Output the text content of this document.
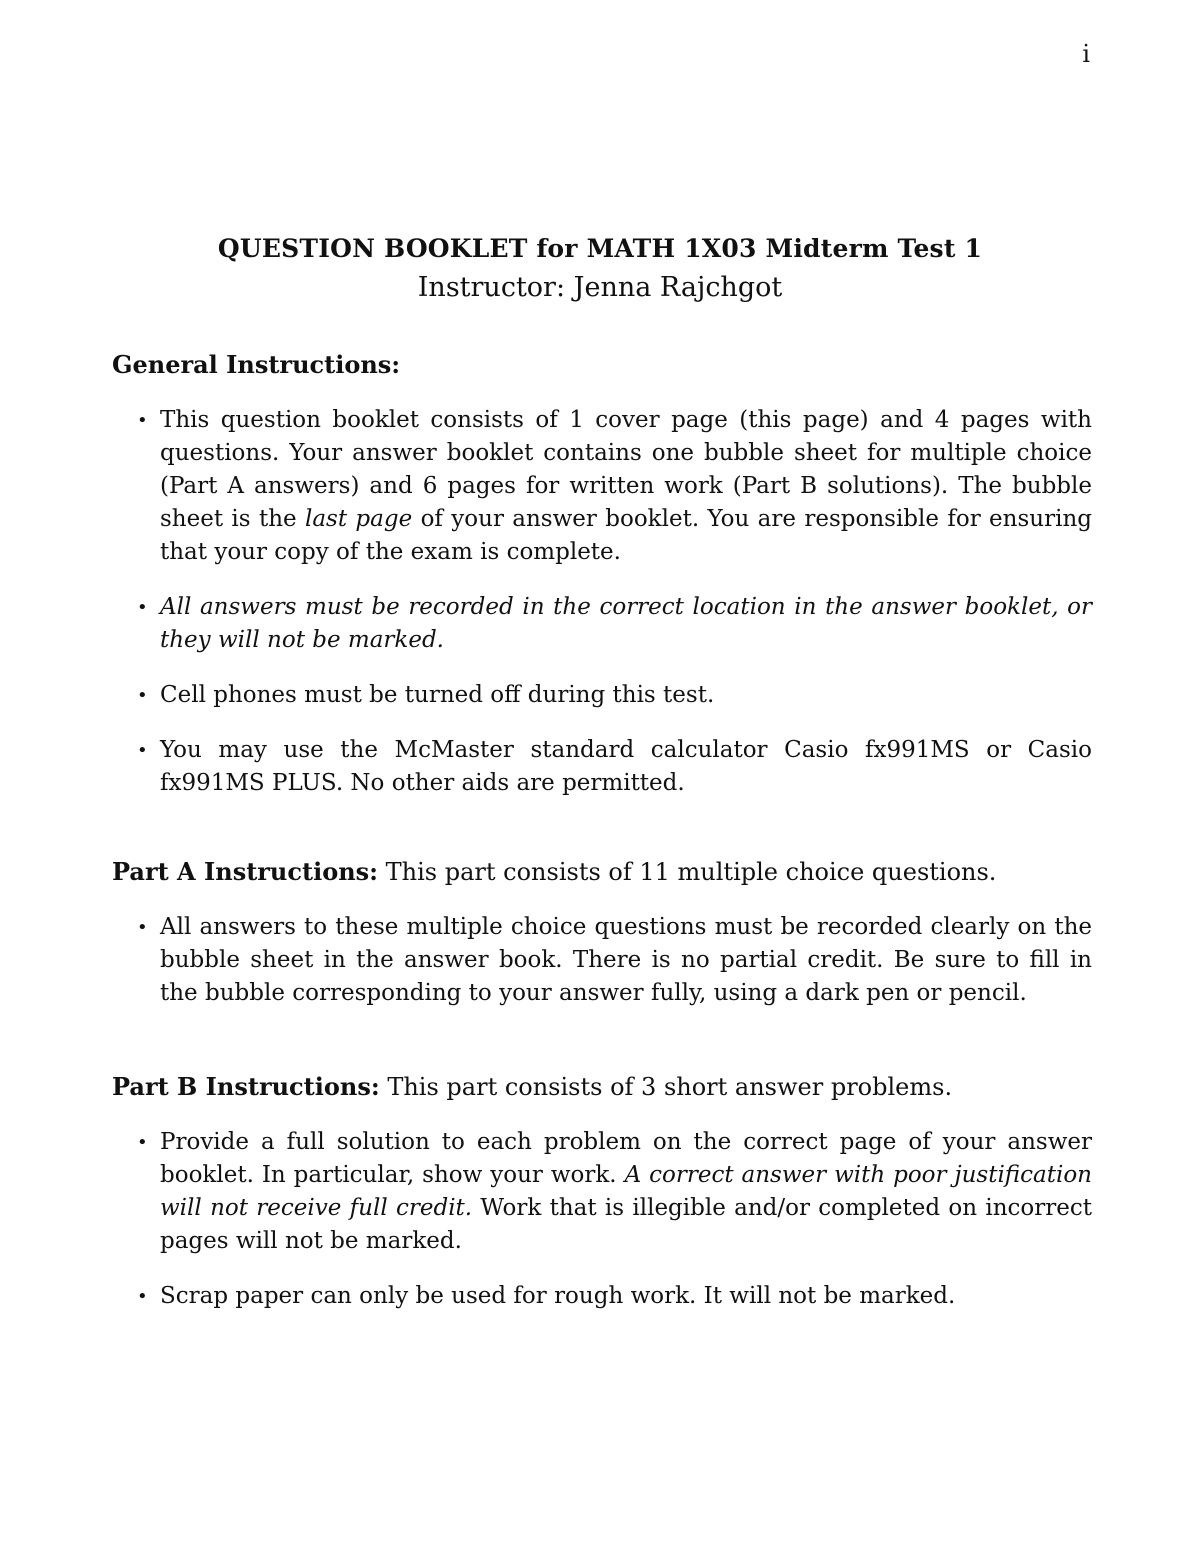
i
QUESTION BOOKLET for MATH 1X03 Midterm Test 1
Instructor: Jenna Rajchgot
General Instructions:
• This question booklet consists of 1 cover page (this page) and 4 pages with questions. Your answer booklet contains one bubble sheet for multiple choice (Part A answers) and 6 pages for written work (Part B solutions). The bubble sheet is the last page of your answer booklet. You are responsible for ensuring that your copy of the exam is complete.
• All answers must be recorded in the correct location in the answer booklet, or they will not be marked.
• Cell phones must be turned off during this test.
• You may use the McMaster standard calculator Casio fx991MS or Casio fx991MS PLUS. No other aids are permitted.
Part A Instructions: This part consists of 11 multiple choice questions.
• All answers to these multiple choice questions must be recorded clearly on the bubble sheet in the answer book. There is no partial credit. Be sure to fill in the bubble corresponding to your answer fully, using a dark pen or pencil.
Part B Instructions: This part consists of 3 short answer problems.
• Provide a full solution to each problem on the correct page of your answer booklet. In particular, show your work. A correct answer with poor justification will not receive full credit. Work that is illegible and/or completed on incorrect pages will not be marked.
• Scrap paper can only be used for rough work. It will not be marked.
